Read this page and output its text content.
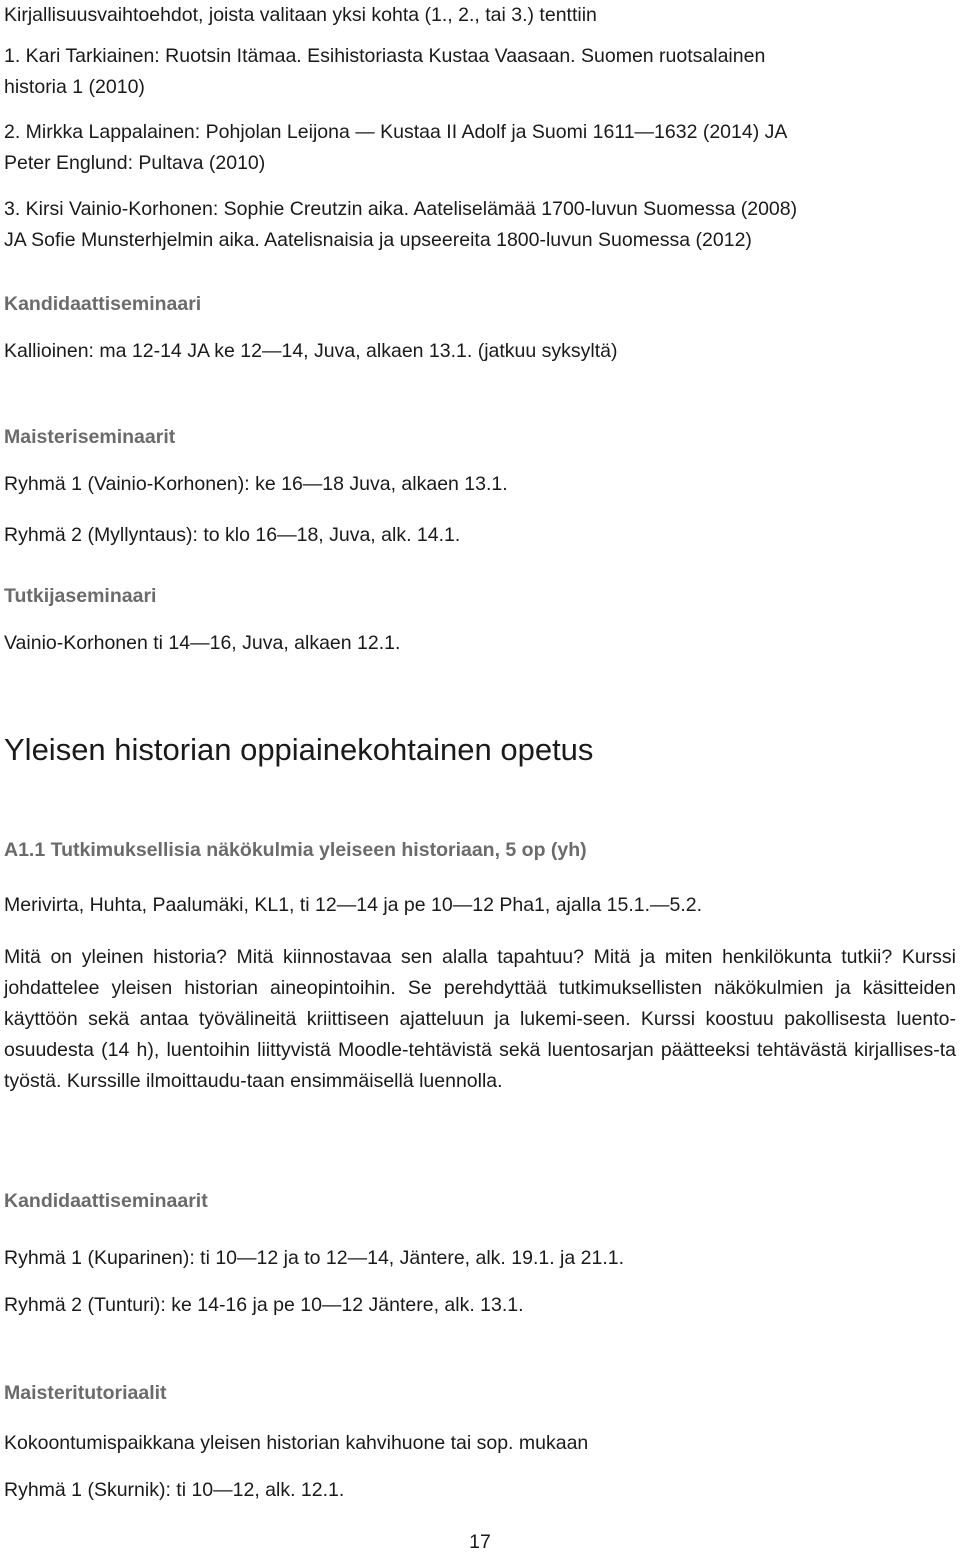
Kirjallisuusvaihtoehdot, joista valitaan yksi kohta (1., 2., tai 3.) tenttiin

1. Kari Tarkiainen: Ruotsin Itämaa. Esihistoriasta Kustaa Vaasaan. Suomen ruotsalainen

historia 1 (2010)

2. Mirkka Lappalainen: Pohjolan Leijona — Kustaa II Adolf ja Suomi 1611—1632 (2014) JA

Peter Englund: Pultava (2010)

3. Kirsi Vainio-Korhonen: Sophie Creutzin aika. Aateliselämää 1700-luvun Suomessa (2008)

JA Sofie Munsterhjelmin aika. Aatelisnaisia ja upseereita 1800-luvun Suomessa (2012)

Kandidaattiseminaari

Kallioinen: ma 12-14 JA ke 12—14, Juva, alkaen 13.1. (jatkuu syksyltä)

Maisteriseminaarit

Ryhmä 1 (Vainio-Korhonen): ke 16—18 Juva, alkaen 13.1.

Ryhmä 2 (Myllyntaus): to klo 16—18, Juva, alk. 14.1.

Tutkijaseminaari

Vainio-Korhonen ti 14—16, Juva, alkaen 12.1.

Yleisen historian oppiainekohtainen opetus

A1.1 Tutkimuksellisia näkökulmia yleiseen historiaan, 5 op (yh)

Merivirta, Huhta, Paalumäki, KL1, ti 12—14 ja pe 10—12 Pha1, ajalla 15.1.—5.2.

Mitä on yleinen historia? Mitä kiinnostavaa sen alalla tapahtuu? Mitä ja miten henkilökunta tutkii? Kurssi johdattelee yleisen historian aineopintoihin. Se perehdyttää tutkimuksellisten näkökulmien ja käsitteiden käyttöön sekä antaa työvälineitä kriittiseen ajatteluun ja lukemi-seen. Kurssi koostuu pakollisesta luento-osuudesta (14 h), luentoihin liittyvistä Moodle-tehtävistä sekä luentosarjan päätteeksi tehtävästä kirjallises-ta työstä. Kurssille ilmoittaudu-taan ensimmäisellä luennolla.

Kandidaattiseminaarit

Ryhmä 1 (Kuparinen): ti 10—12 ja to 12—14, Jäntere, alk. 19.1. ja 21.1.

Ryhmä 2 (Tunturi): ke 14-16 ja pe 10—12 Jäntere, alk. 13.1.

Maisteritutoriaalit

Kokoontumispaikkana yleisen historian kahvihuone tai sop. mukaan

Ryhmä 1 (Skurnik): ti 10—12, alk. 12.1.

17
